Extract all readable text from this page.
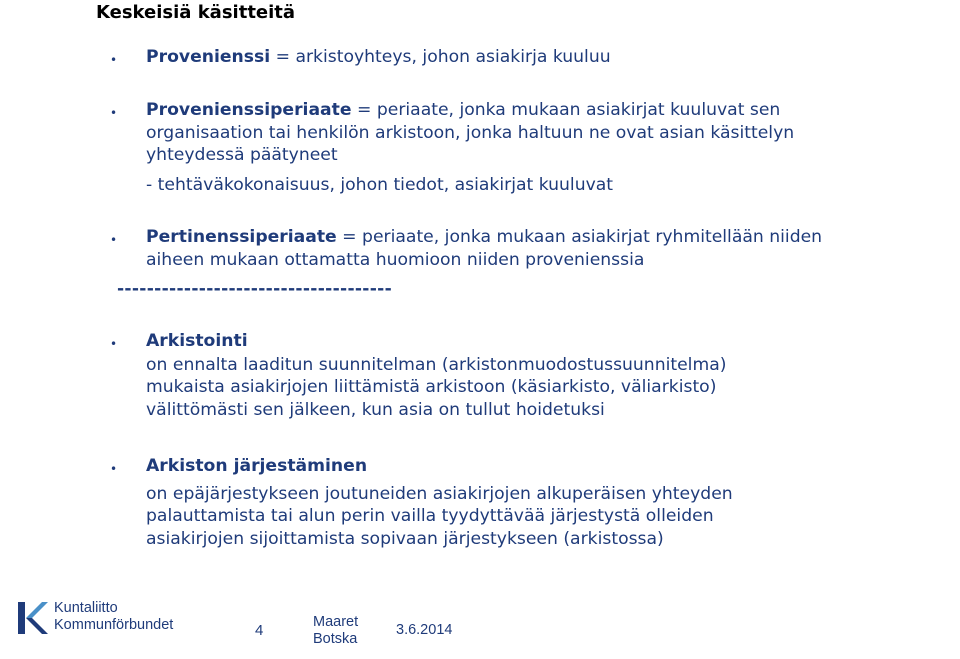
Keskeisiä käsitteitä
• Provenienssi = arkistoyhteys, johon asiakirja kuuluu
• Provenienssiperiaate = periaate, jonka mukaan asiakirjat kuuluvat sen organisaation tai henkilön arkistoon, jonka haltuun ne ovat asian käsittelyn yhteydessä päätyneet
- tehtäväkokonaisuus, johon tiedot, asiakirjat kuuluvat
• Pertinenssiperiaate = periaate, jonka mukaan asiakirjat ryhmitellään niiden aiheen mukaan ottamatta huomioon niiden provenienssia
-------------------------------------
• Arkistointi
on ennalta laaditun suunnitelman (arkistonmuodostussuunnitelma) mukaista asiakirjojen liittämistä arkistoon (käsiarkisto, väliarkisto) välittömästi sen jälkeen, kun asia on tullut hoidetuksi
• Arkiston järjestäminen
on epäjärjestykseen joutuneiden asiakirjojen alkuperäisen yhteyden palauttamista tai alun perin vailla tyydyttävää järjestystä olleiden asiakirjojen sijoittamista sopivaan järjestykseen (arkistossa)
Kuntaliitto
Kommunförbundet	4	Maaret
Botska
3.6.2014
